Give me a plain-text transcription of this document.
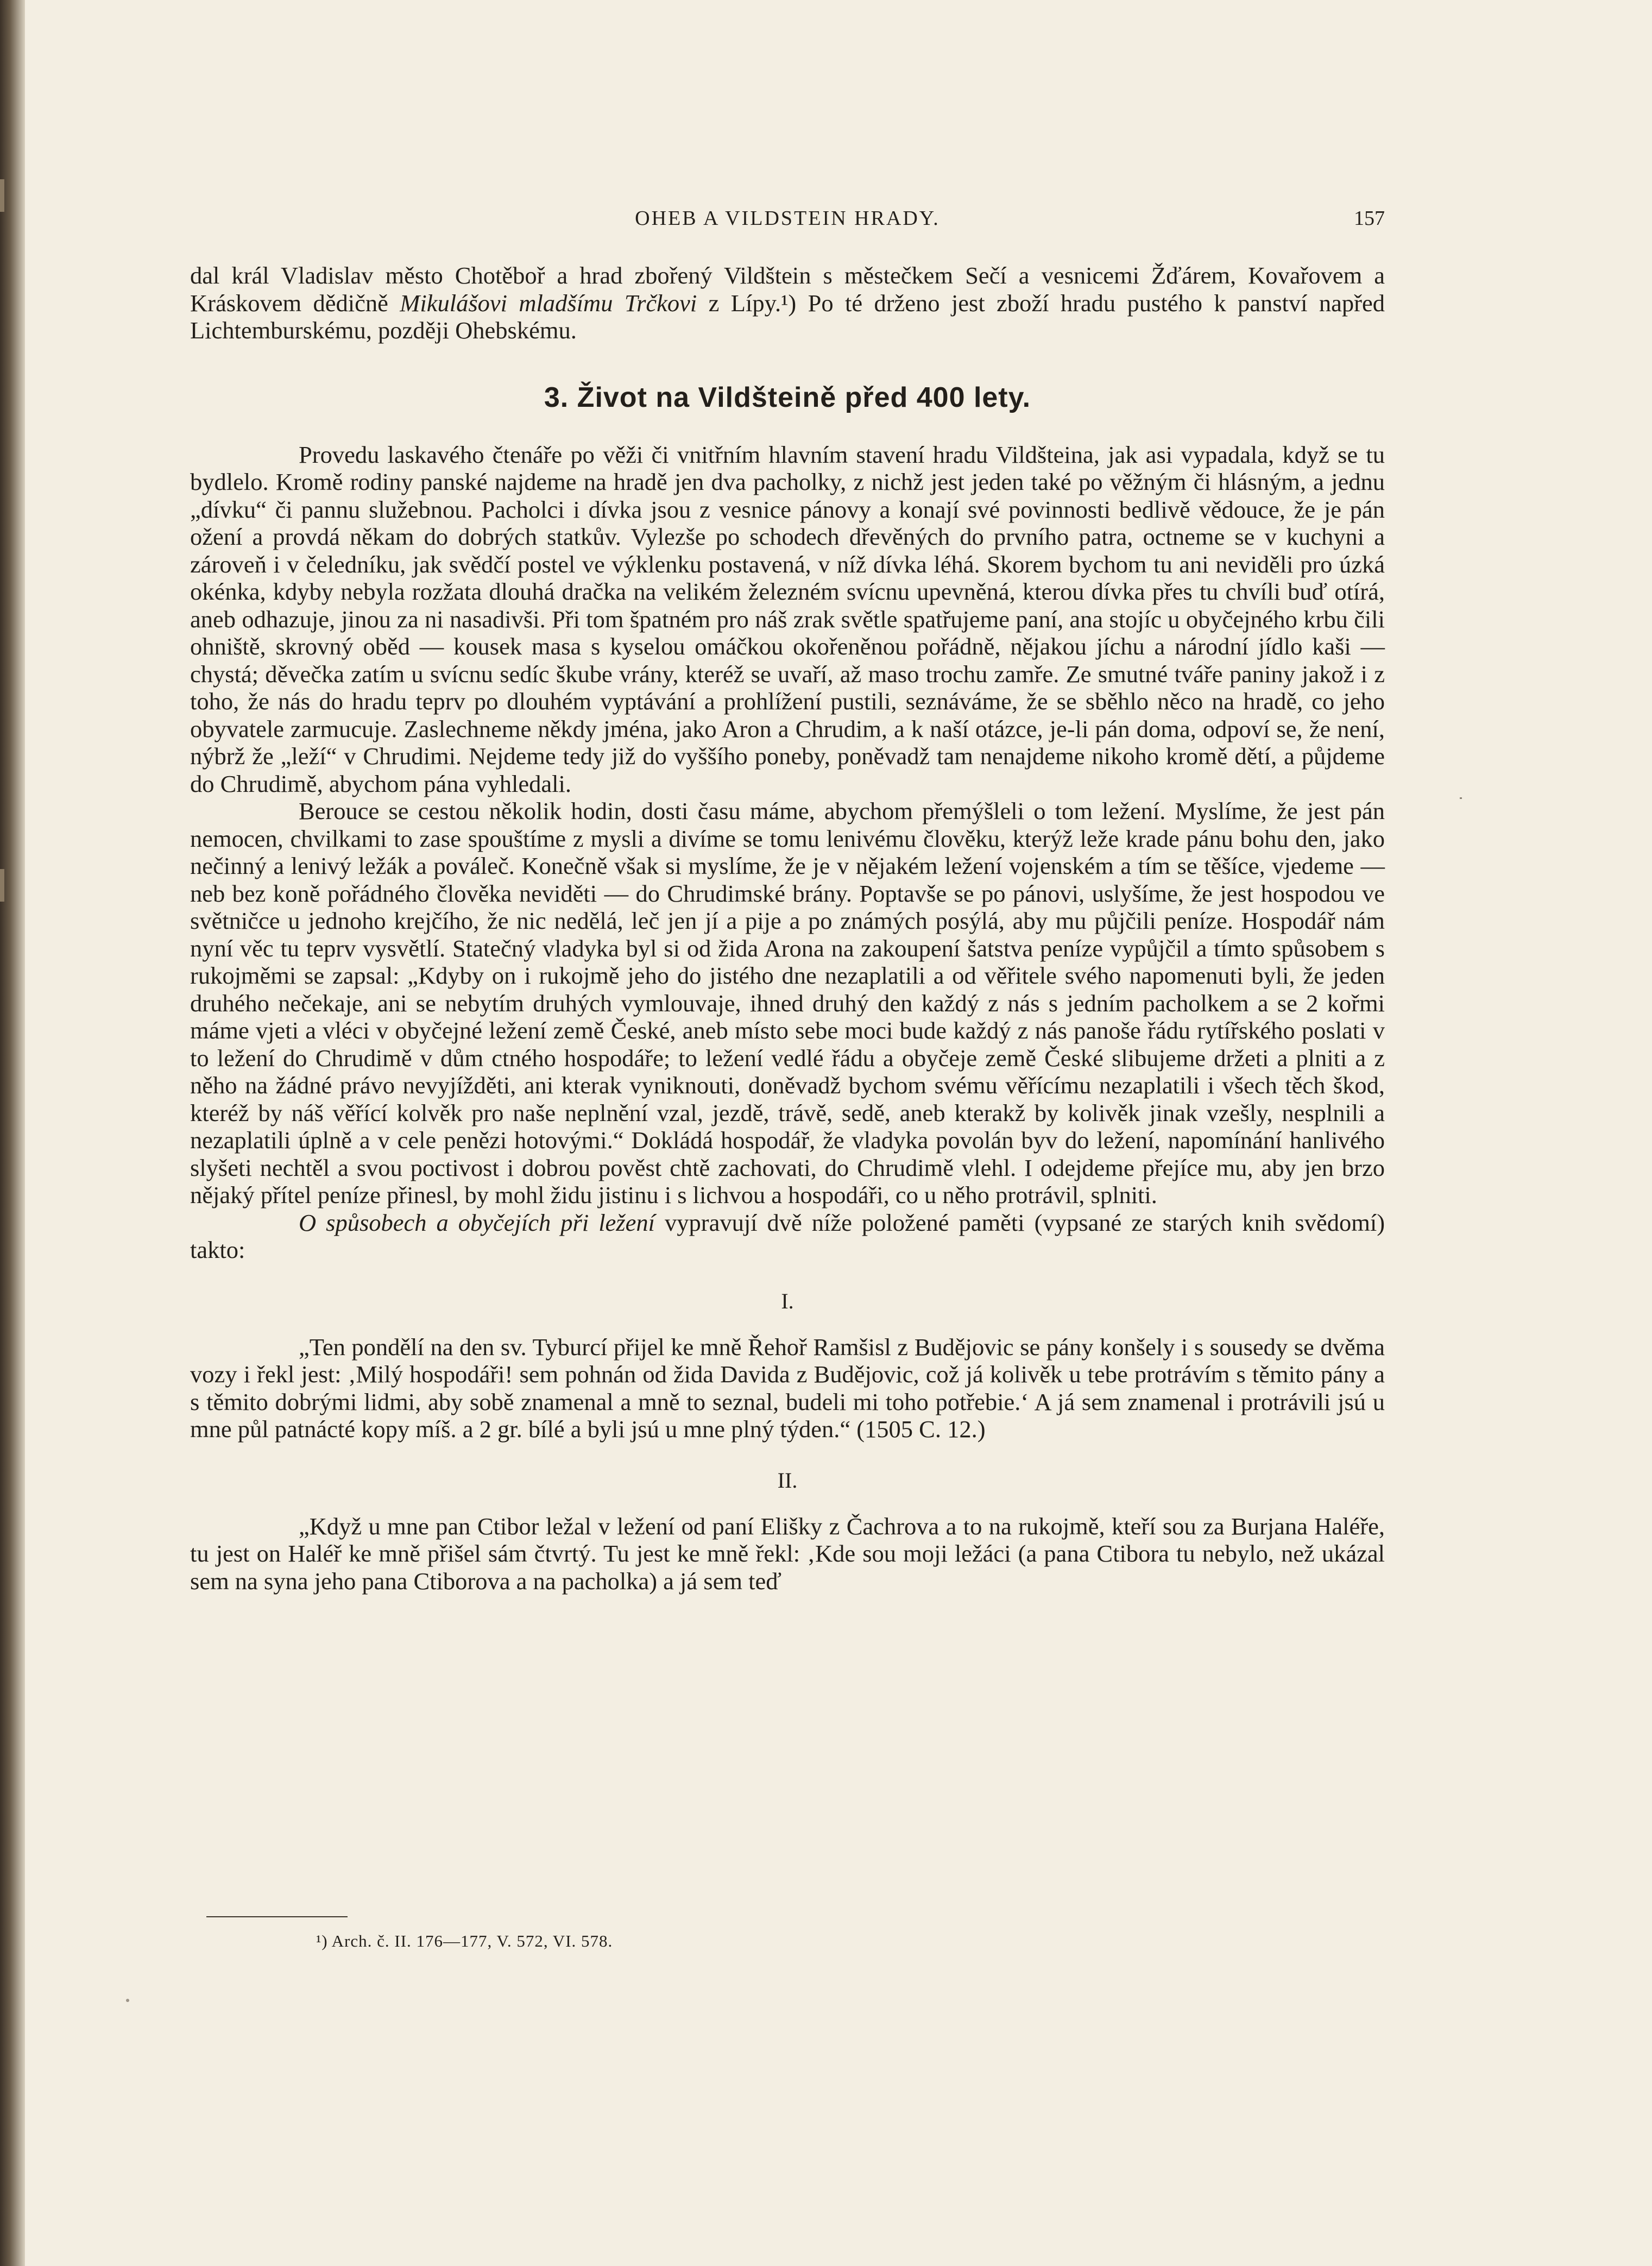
OHEB A VILDSTEIN HRADY.	157

dal král Vladislav město Chotěboř a hrad zbořený Vildštein s městečkem Sečí a vesnicemi Žďárem, Kovařovem a Kráskovem dědičně Mikulášovi mladšímu Trčkovi z Lípy.¹) Po té drženo jest zboží hradu pustého k panství napřed Lichtemburskému, později Ohebskému.

3. Život na Vildšteině před 400 lety.

Provedu laskavého čtenáře po věži či vnitřním hlavním stavení hradu Vildšteina, jak asi vypadala, když se tu bydlelo. Kromě rodiny panské najdeme na hradě jen dva pacholky, z nichž jest jeden také po věžným či hlásným, a jednu „dívku“ či pannu služebnou. Pacholci i dívka jsou z vesnice pánovy a konají své povinnosti bedlivě vědouce, že je pán ožení a provdá někam do dobrých statkův. Vylezše po schodech dřevěných do prvního patra, octneme se v kuchyni a zároveň i v čeledníku, jak svědčí postel ve výklenku postavená, v níž dívka léhá. Skorem bychom tu ani neviděli pro úzká okénka, kdyby nebyla rozžata dlouhá dračka na velikém železném svícnu upevněná, kterou dívka přes tu chvíli buď otírá, aneb odhazuje, jinou za ni nasadivši. Při tom špatném pro náš zrak světle spatřujeme paní, ana stojíc u obyčejného krbu čili ohniště, skrovný oběd — kousek masa s kyselou omáčkou okořeněnou pořádně, nějakou jíchu a národní jídlo kaši — chystá; děvečka zatím u svícnu sedíc škube vrány, kteréž se uvaří, až maso trochu zamře. Ze smutné tváře paniny jakož i z toho, že nás do hradu teprv po dlouhém vyptávání a prohlížení pustili, seznáváme, že se sběhlo něco na hradě, co jeho obyvatele zarmucuje. Zaslechneme někdy jména, jako Aron a Chrudim, a k naší otázce, je-li pán doma, odpoví se, že není, nýbrž že „leží“ v Chrudimi. Nejdeme tedy již do vyššího poneby, poněvadž tam nenajdeme nikoho kromě dětí, a půjdeme do Chrudimě, abychom pána vyhledali.

Berouce se cestou několik hodin, dosti času máme, abychom přemýšleli o tom ležení. Myslíme, že jest pán nemocen, chvilkami to zase spouštíme z mysli a divíme se tomu lenivému člověku, kterýž leže krade pánu bohu den, jako nečinný a lenivý ležák a pováleč. Konečně však si myslíme, že je v nějakém ležení vojenském a tím se těšíce, vjedeme — neb bez koně pořádného člověka neviděti — do Chrudimské brány. Poptavše se po pánovi, uslyšíme, že jest hospodou ve světničce u jednoho krejčího, že nic nedělá, leč jen jí a pije a po známých posýlá, aby mu půjčili peníze. Hospodář nám nyní věc tu teprv vysvětlí. Statečný vladyka byl si od žida Arona na zakoupení šatstva peníze vypůjčil a tímto spůsobem s rukojměmi se zapsal: „Kdyby on i rukojmě jeho do jistého dne nezaplatili a od věřitele svého napomenuti byli, že jeden druhého nečekaje, ani se nebytím druhých vymlouvaje, ihned druhý den každý z nás s jedním pacholkem a se 2 kořmi máme vjeti a vléci v obyčejné ležení země České, aneb místo sebe moci bude každý z nás panoše řádu rytířského poslati v to ležení do Chrudimě v dům ctného hospodáře; to ležení vedlé řádu a obyčeje země České slibujeme držeti a plniti a z něho na žádné právo nevyjížděti, ani kterak vyniknouti, doněvadž bychom svému věřícímu nezaplatili i všech těch škod, kteréž by náš věřící kolvěk pro naše neplnění vzal, jezdě, trávě, sedě, aneb kterakž by kolivěk jinak vzešly, nesplnili a nezaplatili úplně a v cele penězi hotovými.“ Dokládá hospodář, že vladyka povolán byv do ležení, napomínání hanlivého slyšeti nechtěl a svou poctivost i dobrou pověst chtě zachovati, do Chrudimě vlehl. I odejdeme přejíce mu, aby jen brzo nějaký přítel peníze přinesl, by mohl židu jistinu i s lichvou a hospodáři, co u něho protrávil, splniti.

O spůsobech a obyčejích při ležení vypravují dvě níže položené paměti (vypsané ze starých knih svědomí) takto:

I.

„Ten pondělí na den sv. Tyburcí přijel ke mně Řehoř Ramšisl z Budějovic se pány konšely i s sousedy se dvěma vozy i řekl jest: ‚Milý hospodáři! sem pohnán od žida Davida z Budějovic, což já kolivěk u tebe protrávím s těmito pány a s těmito dobrými lidmi, aby sobě znamenal a mně to seznal, budeli mi toho potřebie.‘ A já sem znamenal i protrávili jsú u mne půl patnácté kopy míš. a 2 gr. bílé a byli jsú u mne plný týden.“ (1505 C. 12.)

II.

„Když u mne pan Ctibor ležal v ležení od paní Elišky z Čachrova a to na rukojmě, kteří sou za Burjana Haléře, tu jest on Haléř ke mně přišel sám čtvrtý. Tu jest ke mně řekl: ‚Kde sou moji ležáci (a pana Ctibora tu nebylo, než ukázal sem na syna jeho pana Ctiborova a na pacholka) a já sem teď

¹) Arch. č. II. 176—177, V. 572, VI. 578.
